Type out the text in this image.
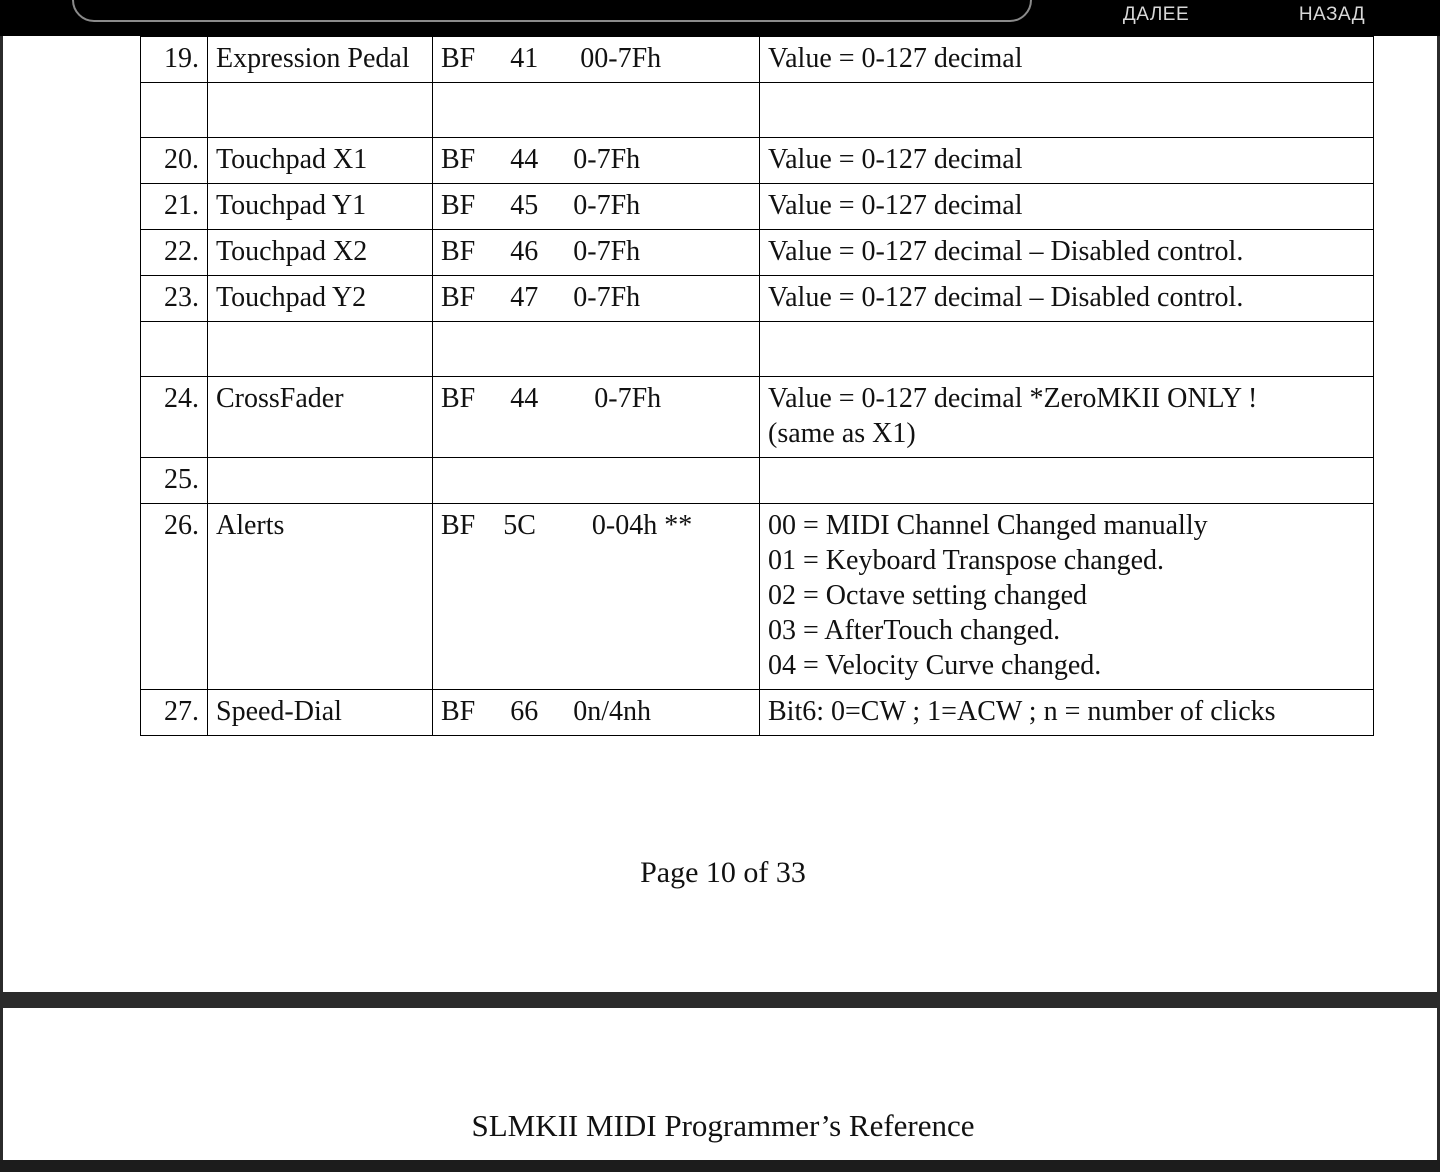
ДАЛЕЕ	НАЗАД
19.	Expression Pedal	BF     41      00-7Fh	Value = 0-127 decimal

20.	Touchpad X1	BF     44     0-7Fh	Value = 0-127 decimal

21.	Touchpad Y1	BF     45     0-7Fh	Value = 0-127 decimal

22.	Touchpad X2	BF     46     0-7Fh	Value = 0-127 decimal – Disabled control.

23.	Touchpad Y2	BF     47     0-7Fh	Value = 0-127 decimal – Disabled control.

24.	CrossFader	BF     44        0-7Fh	Value = 0-127 decimal *ZeroMKII ONLY !
(same as X1)

25.			
26.	Alerts	BF    5C        0-04h **	00 = MIDI Channel Changed manually
01 = Keyboard Transpose changed.
02 = Octave setting changed
03 = AfterTouch changed.
04 = Velocity Curve changed.

27.	Speed-Dial	BF     66     0n/4nh	Bit6: 0=CW ; 1=ACW ; n = number of clicks
Page 10 of 33
SLMKII MIDI Programmer’s Reference
